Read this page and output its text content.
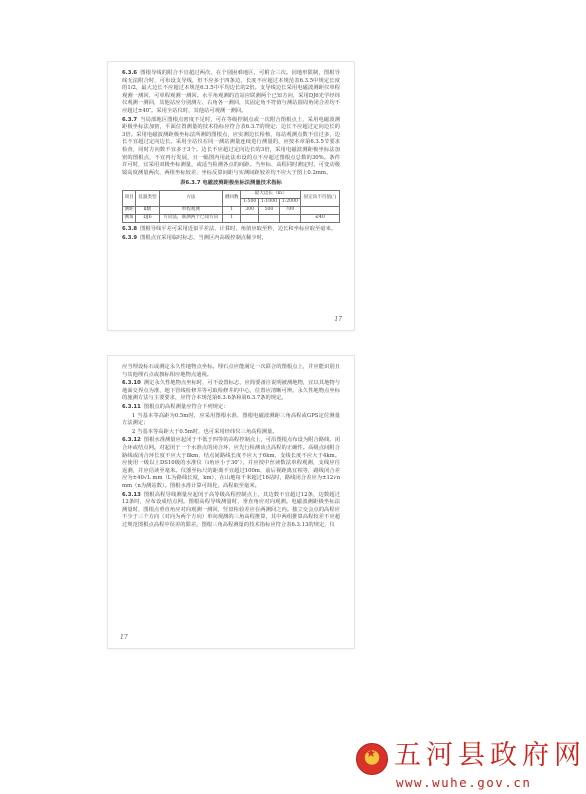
6.3.6 图根导线的附合不宜超过两次，在个别困难地区，可附合三次。因地形限制，图根导线无法附合时，可布设支导线，但不应多于四条边，长度不应超过本规范表6.3.5中规定长度的1/2，最大边长不应超过本规范6.3.5中平均边长的2倍。支导线边长采用电磁波测距仪单程观测一测回，可单程观测一测回。水平角观测的首站应联测两个已知方向，采用DJ6光学经纬仪观测一测回，其他站应分别测左、右角各一测回，其固定角不符值与测站圆周角闭合差均不应超过±40″。采用全站仪时，其他站可观测一测回。

6.3.7 当局部地区图根点密度不足时，可在等级控制点或一次附合图根点上，采用电磁波测距极坐标法加密，平面位置测量的技术指标应符合表6.3.7的规定；边长不应超过定向边长的3倍。采用电磁波测距极坐标法所测的图根点，应实测边长检核，每站观测点数不宜过多，边长不宜超过定向边长。采用全站仪在同一测站测量连续进行测量的，应按本章第6.3.5节要求检查，同时方向数不宜多于3个。边长不应超过定向边长的3倍，采用电磁波测距极坐标法加密的图根点，不宜再行发展，且一幅图内用此法布设的点不应超过图根点总数的30%。条件许可时，宜采用双极坐标测量，或适当检测各点的间距。当坐标、高程同时测定时，可变动极镜高度测量两次，两组坐标较差、坐标反算间距与实测间距较差均不应大于图上0.2mm。

表6.3.7 电磁波测距极坐标法测量技术指标
项目	仪器类型	方法	测回数	最大边长（m）			固定角不符值(″)
				1:500	1:1000	1:2000	
测距	Ⅱ级	单程观测	1	300	500	700	
测角	DJ6	方向法，联测两个已知方向	1				≤40

6.3.8 图根导线平差可采用近似平差法，计算时，角值应取至秒，边长和坐标应取至毫米。

6.3.9 图根点宜采用临时标志，当测区内高级控制点稀少时，

17

应当埋设标石或测定永久性地物点坐标。埋石点应能满足一次联合的图根点上，并应能识别且与其他埋石点或旗标相应地物点通视。

6.3.10 测定永久性地物点坐标时，可不设置标志，应简要备注说明被测地物，宜以其地物与地面交界点为准，地下管线检修井等可取检修井的中心，位置应清晰可辨。永久性地物点坐标的施测方法与主要要求，应符合本规范第6.3.6条和第6.3.7条的规定。

6.3.11 图根点的高程测量应符合下列规定：

1 当基本等高距为0.5m时，应采用图根水准、图根电磁波测距三角高程或GPS定位测量方法测定；

2 当基本等高距大于0.5m时，也可采用经纬仪三角高程测量。

6.3.12 图根水准测量应起闭于不低于四等的高程控制点上，可沿图根点布设为附合路线、闭合环或结点网。对起闭于一个水准点的闭合环，应先行检测该点高程的正确性。高级点间附合路线或闭合环长度不应大于8km，结点间路线长度不应大于6km，支线长度不应大于4km。应使用一级以上DS10级的水准仪（i角应小于30″），并应按中丝读数法单程观测，支线应往返测，并应估读至毫米。仪器至标尺的距离不宜超过100m，前后视距离宜相等，路线闭合差应为±40√L mm（L为路线长度，km），在山地每千米超过16站时，路线闭合差应为±12√n mm（n为测站数）。图根水准计算可简化，高程取至毫米。

6.3.13 图根高程导线测量应起闭于高等级高程控制点上，其边数不宜超过12条，边数超过12条时，应布设成结点网。图根高程导线测量时，垂直角应对向观测。电磁波测距极坐标法测量时，图根点垂直角应对向观测一测回，竖盘检验差应在两测回之内。独立交会点的高程应不少于三个方向（对向为两个方向）单向观测的三角高程推算，其中两组推算高程较差不应超过规范图根点高程中误差的限差。图根三角高程测量的技术指标应符合表6.3.13的规定，仪

17
★ 五河县政府网
www.wuhe.gov.cn
